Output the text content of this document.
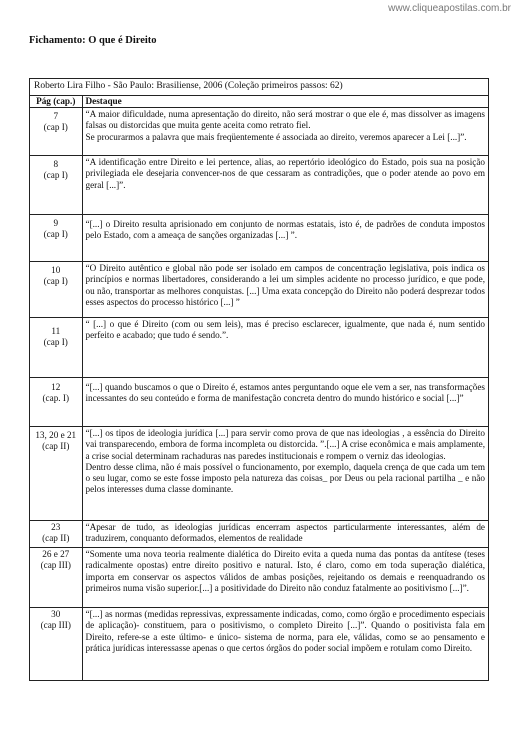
www.cliqueapostilas.com.br
Fichamento: O que é Direito
Roberto Lira Filho - São Paulo: Brasiliense, 2006 (Coleção primeiros passos: 62)
Pág (cap.)	Destaque
7
(cap I)	“A maior dificuldade, numa apresentação do direito, não será mostrar o que ele é, mas dissolver as imagens falsas ou distorcidas que muita gente aceita como retrato fiel.
Se procurarmos a palavra que mais freqüentemente é associada ao direito, veremos aparecer a Lei [...]”.
8
(cap I)	“A identificação entre Direito e lei pertence, alias, ao repertório ideológico do Estado, pois sua na posição privilegiada ele desejaria convencer-nos de que cessaram as contradições, que o poder atende ao povo em geral [...]”.
9
(cap I)	“[...] o Direito resulta aprisionado em conjunto de normas estatais, isto é, de padrões de conduta impostos pelo Estado, com a ameaça de sanções organizadas [...] ”.
10
(cap I)	“O Direito autêntico e global não pode ser isolado em campos de concentração legislativa, pois indica os princípios e normas libertadores, considerando a lei um simples acidente no processo jurídico, e que pode, ou não, transportar as melhores conquistas. [...] Uma exata concepção do Direito não poderá desprezar todos esses aspectos do processo histórico [...] ”
11
(cap I)	“ [...] o que é Direito (com ou sem leis), mas é preciso esclarecer, igualmente, que nada é, num sentido perfeito e acabado; que tudo é sendo.”.
12
(cap. I)	“[...] quando buscamos o que o Direito é, estamos antes perguntando oque ele vem a ser, nas transformações incessantes do seu conteúdo e forma de manifestação concreta dentro do mundo histórico e social [...]”
13, 20 e 21
(cap II)	“[...] os tipos de ideologia jurídica [...] para servir como prova de que nas ideologias , a essência do Direito vai transparecendo, embora de forma incompleta ou distorcida. ”.[...] A crise econômica e mais amplamente, a crise social determinam rachaduras nas paredes institucionais e rompem o verniz das ideologias.
Dentro desse clima, não é mais possível o funcionamento, por exemplo, daquela crença de que cada um tem o seu lugar, como se este fosse imposto pela natureza das coisas_ por Deus ou pela racional partilha _ e não pelos interesses duma classe dominante.
23
(cap II)	“Apesar de tudo, as ideologias jurídicas encerram aspectos particularmente interessantes, além de traduzirem, conquanto deformados, elementos de realidade
26 e 27
(cap III)	“Somente uma nova teoria realmente dialética do Direito evita a queda numa das pontas da antítese (teses radicalmente opostas) entre direito positivo e natural. Isto, é claro, como em toda superação dialética, importa em conservar os aspectos válidos de ambas posições, rejeitando os demais e reenquadrando os primeiros numa visão superior.[...] a positividade do Direito não conduz fatalmente ao positivismo [...]”.
30
(cap III)	“[...] as normas (medidas repressivas, expressamente indicadas, como, como órgão e procedimento especiais de aplicação)- constituem, para o positivismo, o completo Direito [...]”. Quando o positivista fala em Direito, refere-se a este último- e único- sistema de norma, para ele, válidas, como se ao pensamento e prática jurídicas interessasse apenas o que certos órgãos do poder social impõem e rotulam como Direito.
